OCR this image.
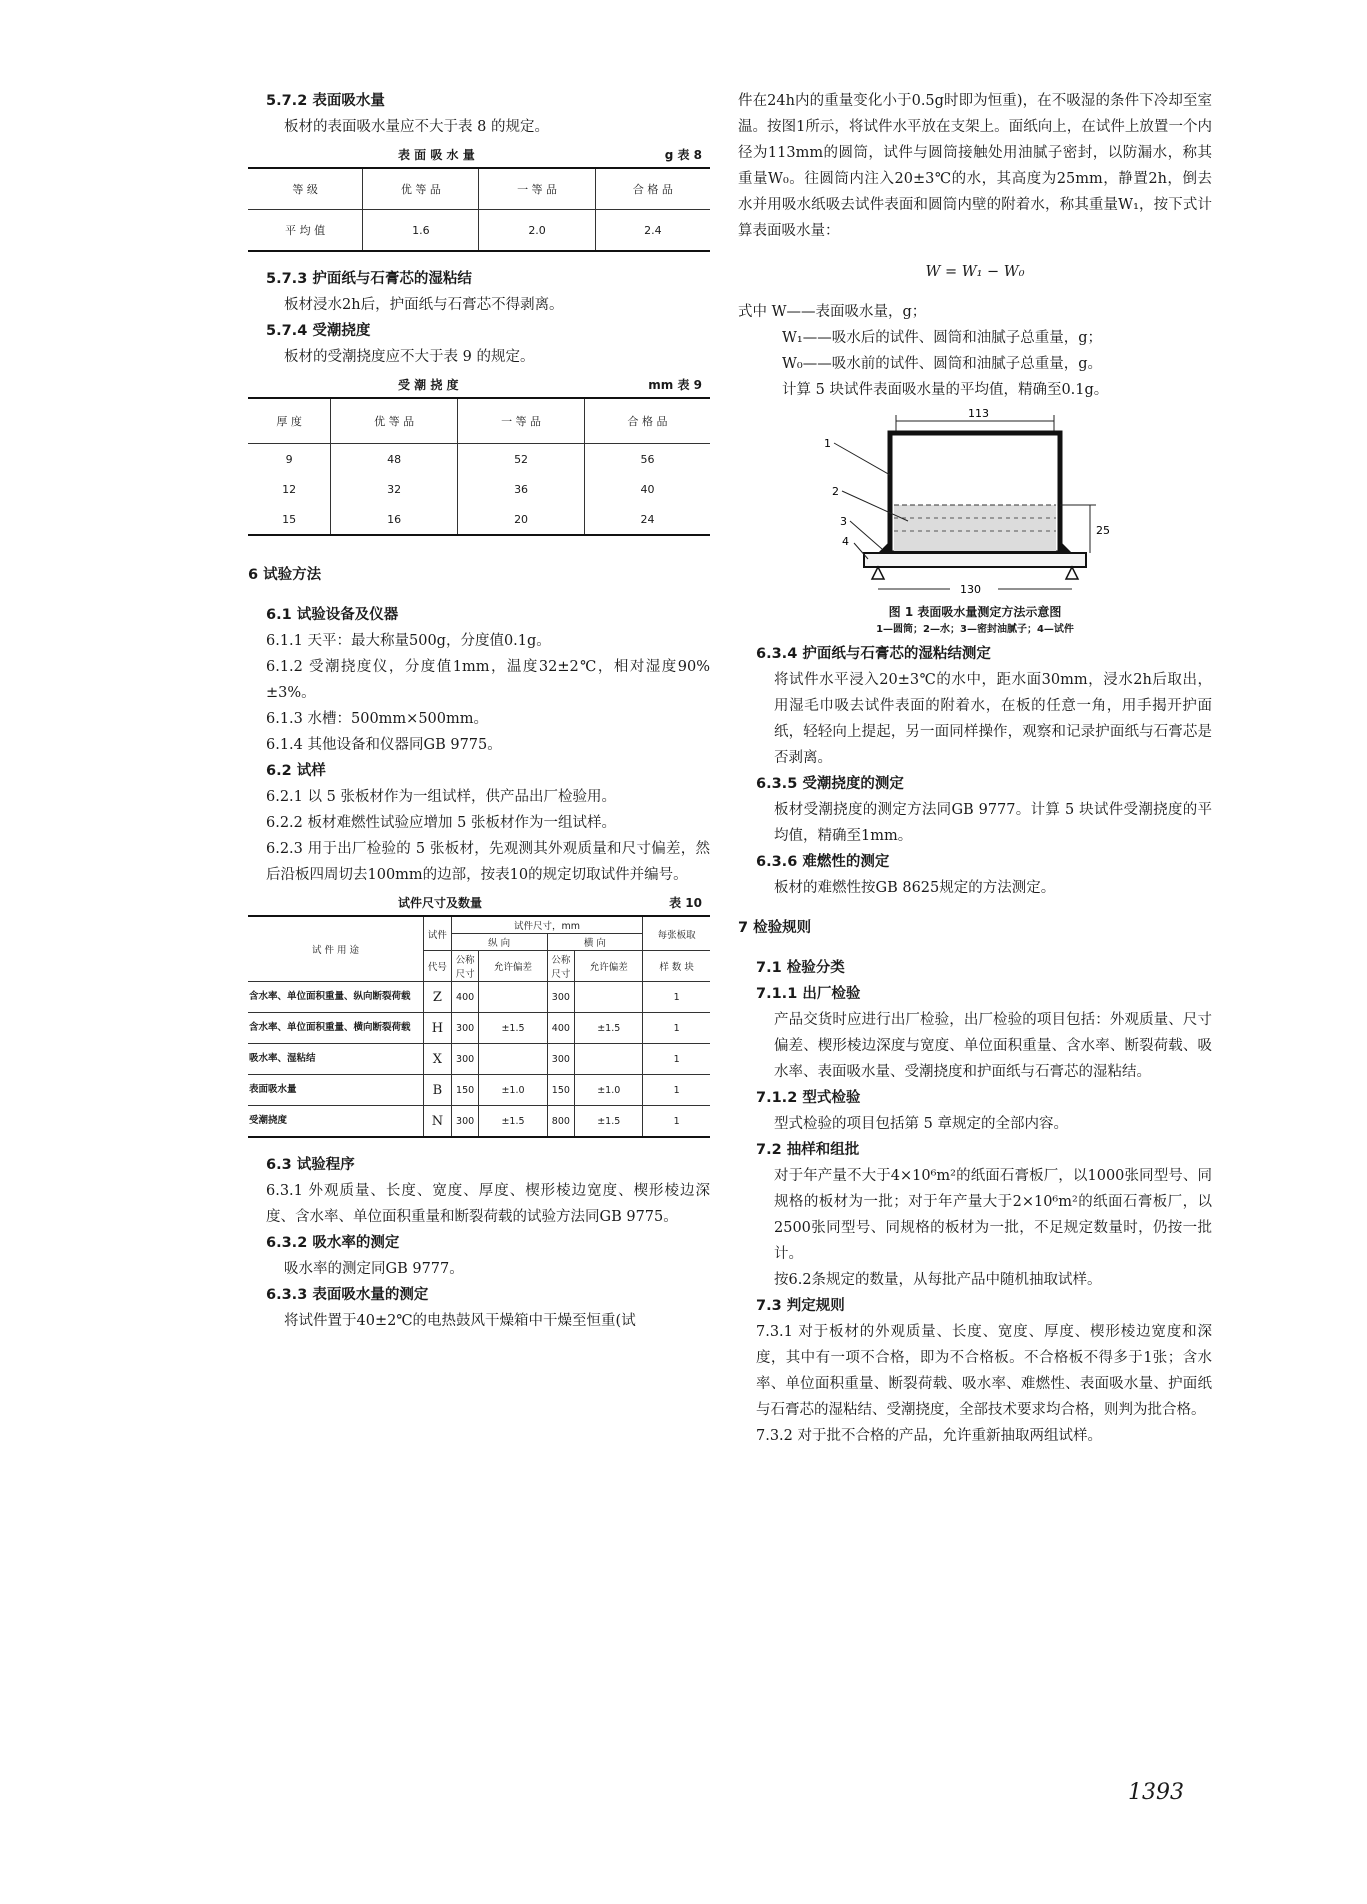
5.7.2 表面吸水量

板材的表面吸水量应不大于表 8 的规定。

表 面 吸 水 量	g 表 8
等 级	优 等 品	一 等 品	合 格 品
平 均 值	1.6	2.0	2.4

5.7.3 护面纸与石膏芯的湿粘结

板材浸水2h后，护面纸与石膏芯不得剥离。

5.7.4 受潮挠度

板材的受潮挠度应不大于表 9 的规定。

受 潮 挠 度	mm 表 9
厚 度	优 等 品	一 等 品	合 格 品
9	48	52	56
12	32	36	40
15	16	20	24

6 试验方法

6.1 试验设备及仪器

6.1.1 天平：最大称量500g，分度值0.1g。

6.1.2 受潮挠度仪，分度值1mm，温度32±2℃，相对湿度90%±3%。

6.1.3 水槽：500mm×500mm。

6.1.4 其他设备和仪器同GB 9775。

6.2 试样

6.2.1 以 5 张板材作为一组试样，供产品出厂检验用。

6.2.2 板材难燃性试验应增加 5 张板材作为一组试样。

6.2.3 用于出厂检验的 5 张板材，先观测其外观质量和尺寸偏差，然后沿板四周切去100mm的边部，按表10的规定切取试件并编号。

试件尺寸及数量	表 10
试 件 用 途	试件	试件尺寸，mm				每张板取
		纵 向		横 向		
	代号	公称尺寸	允许偏差	公称尺寸	允许偏差	样 数 块
含水率、单位面积重量、纵向断裂荷载	Z	400		300		1
含水率、单位面积重量、横向断裂荷载	H	300	±1.5	400	±1.5	1
吸水率、湿粘结	X	300		300		1
表面吸水量	B	150	±1.0	150	±1.0	1
受潮挠度	N	300	±1.5	800	±1.5	1

6.3 试验程序

6.3.1 外观质量、长度、宽度、厚度、楔形棱边宽度、楔形棱边深度、含水率、单位面积重量和断裂荷载的试验方法同GB 9775。

6.3.2 吸水率的测定

吸水率的测定同GB 9777。

6.3.3 表面吸水量的测定

将试件置于40±2℃的电热鼓风干燥箱中干燥至恒重(试

件在24h内的重量变化小于0.5g时即为恒重)，在不吸湿的条件下冷却至室温。按图1所示，将试件水平放在支架上。面纸向上，在试件上放置一个内径为113mm的圆筒，试件与圆筒接触处用油腻子密封，以防漏水，称其重量W₀。往圆筒内注入20±3℃的水，其高度为25mm，静置2h，倒去水并用吸水纸吸去试件表面和圆筒内壁的附着水，称其重量W₁，按下式计算表面吸水量：

W = W₁ − W₀

式中 W——表面吸水量，g；

W₁——吸水后的试件、圆筒和油腻子总重量，g；

W₀——吸水前的试件、圆筒和油腻子总重量，g。

计算 5 块试件表面吸水量的平均值，精确至0.1g。

113
130
25
1
2
3
4
图 1 表面吸水量测定方法示意图
1—圆筒；2—水；3—密封油腻子；4—试件

6.3.4 护面纸与石膏芯的湿粘结测定

将试件水平浸入20±3℃的水中，距水面30mm，浸水2h后取出，用湿毛巾吸去试件表面的附着水，在板的任意一角，用手揭开护面纸，轻轻向上提起，另一面同样操作，观察和记录护面纸与石膏芯是否剥离。

6.3.5 受潮挠度的测定

板材受潮挠度的测定方法同GB 9777。计算 5 块试件受潮挠度的平均值，精确至1mm。

6.3.6 难燃性的测定

板材的难燃性按GB 8625规定的方法测定。

7 检验规则

7.1 检验分类

7.1.1 出厂检验

产品交货时应进行出厂检验，出厂检验的项目包括：外观质量、尺寸偏差、楔形棱边深度与宽度、单位面积重量、含水率、断裂荷载、吸水率、表面吸水量、受潮挠度和护面纸与石膏芯的湿粘结。

7.1.2 型式检验

型式检验的项目包括第 5 章规定的全部内容。

7.2 抽样和组批

对于年产量不大于4×10⁶m²的纸面石膏板厂，以1000张同型号、同规格的板材为一批；对于年产量大于2×10⁶m²的纸面石膏板厂，以2500张同型号、同规格的板材为一批，不足规定数量时，仍按一批计。

按6.2条规定的数量，从每批产品中随机抽取试样。

7.3 判定规则

7.3.1 对于板材的外观质量、长度、宽度、厚度、楔形棱边宽度和深度，其中有一项不合格，即为不合格板。不合格板不得多于1张；含水率、单位面积重量、断裂荷载、吸水率、难燃性、表面吸水量、护面纸与石膏芯的湿粘结、受潮挠度，全部技术要求均合格，则判为批合格。

7.3.2 对于批不合格的产品，允许重新抽取两组试样。

1393
